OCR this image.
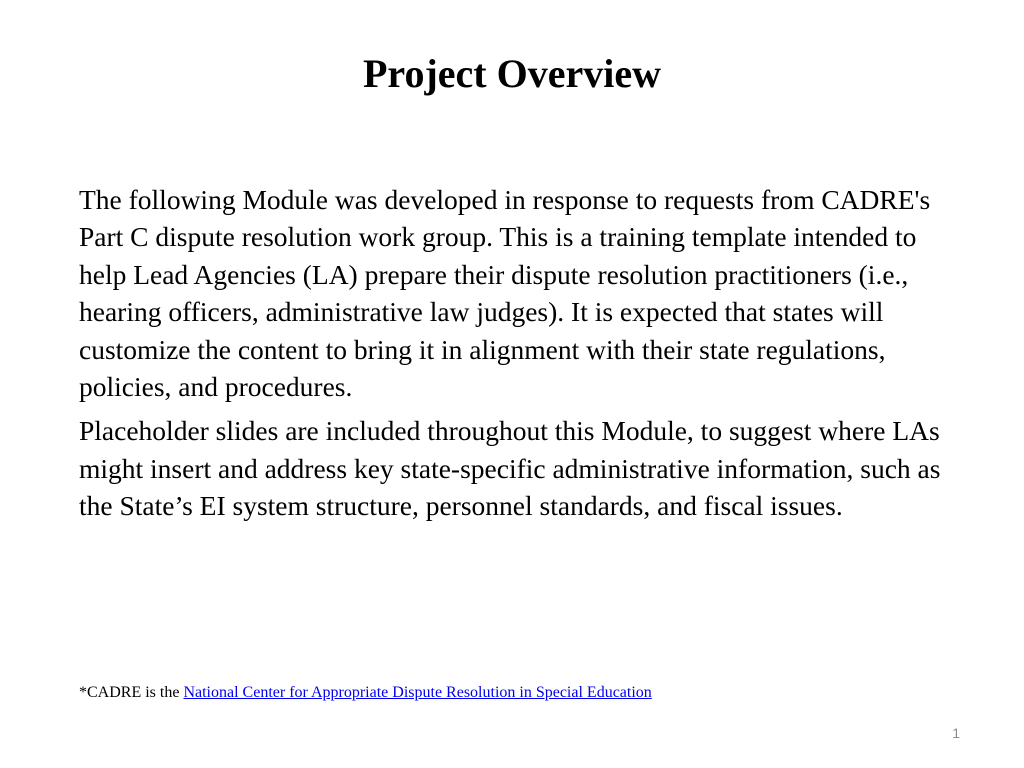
Project Overview

The following Module was developed in response to requests from CADRE's Part C dispute resolution work group. This is a training template intended to help Lead Agencies (LA) prepare their dispute resolution practitioners (i.e., hearing officers, administrative law judges). It is expected that states will customize the content to bring it in alignment with their state regulations, policies, and procedures.

Placeholder slides are included throughout this Module, to suggest where LAs might insert and address key state-specific administrative information, such as the State’s EI system structure, personnel standards, and fiscal issues.

*CADRE is the National Center for Appropriate Dispute Resolution in Special Education
1
